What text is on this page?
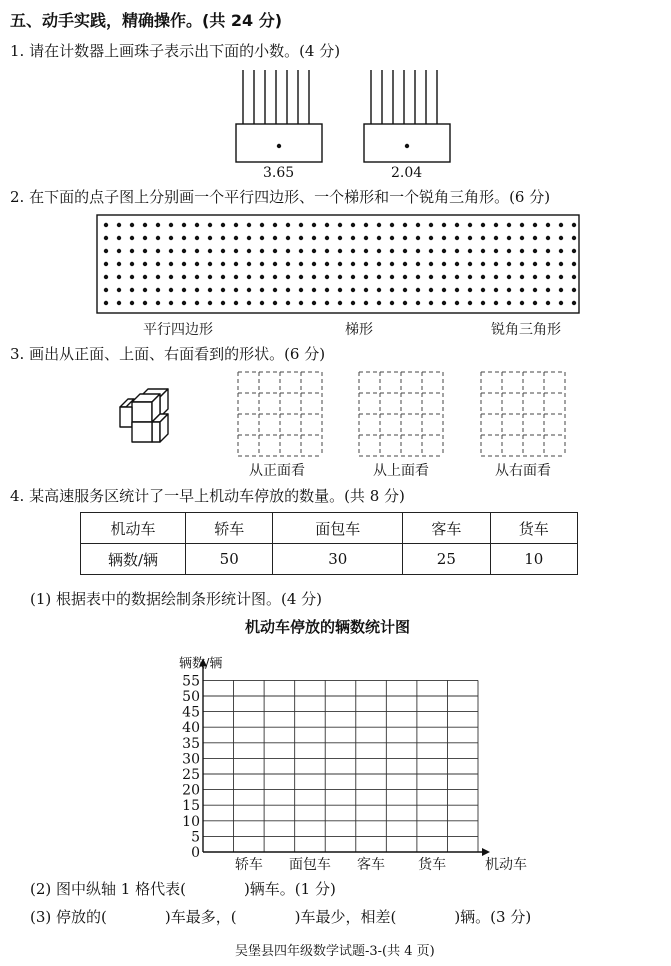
五、动手实践，精确操作。(共 24 分)
1. 请在计数器上画珠子表示出下面的小数。(4 分)
3.65	2.04
2. 在下面的点子图上分别画一个平行四边形、一个梯形和一个锐角三角形。(6 分)
平行四边形	梯形	锐角三角形
3. 画出从正面、上面、右面看到的形状。(6 分)
从正面看	从上面看	从右面看
4. 某高速服务区统计了一早上机动车停放的数量。(共 8 分)
机动车	轿车	面包车	客车	货车
辆数/辆	50	30	25	10
(1) 根据表中的数据绘制条形统计图。(4 分)
机动车停放的辆数统计图
0
5
10
15
20
25
30
35
40
45
50
55
辆数/辆
轿车 面包车 客车 货车	机动车
(2) 图中纵轴 1 格代表(	)辆车。(1 分)
(3) 停放的(	)车最多，(	)车最少，相差(	)辆。(3 分)
吴堡县四年级数学试题-3-(共 4 页)
